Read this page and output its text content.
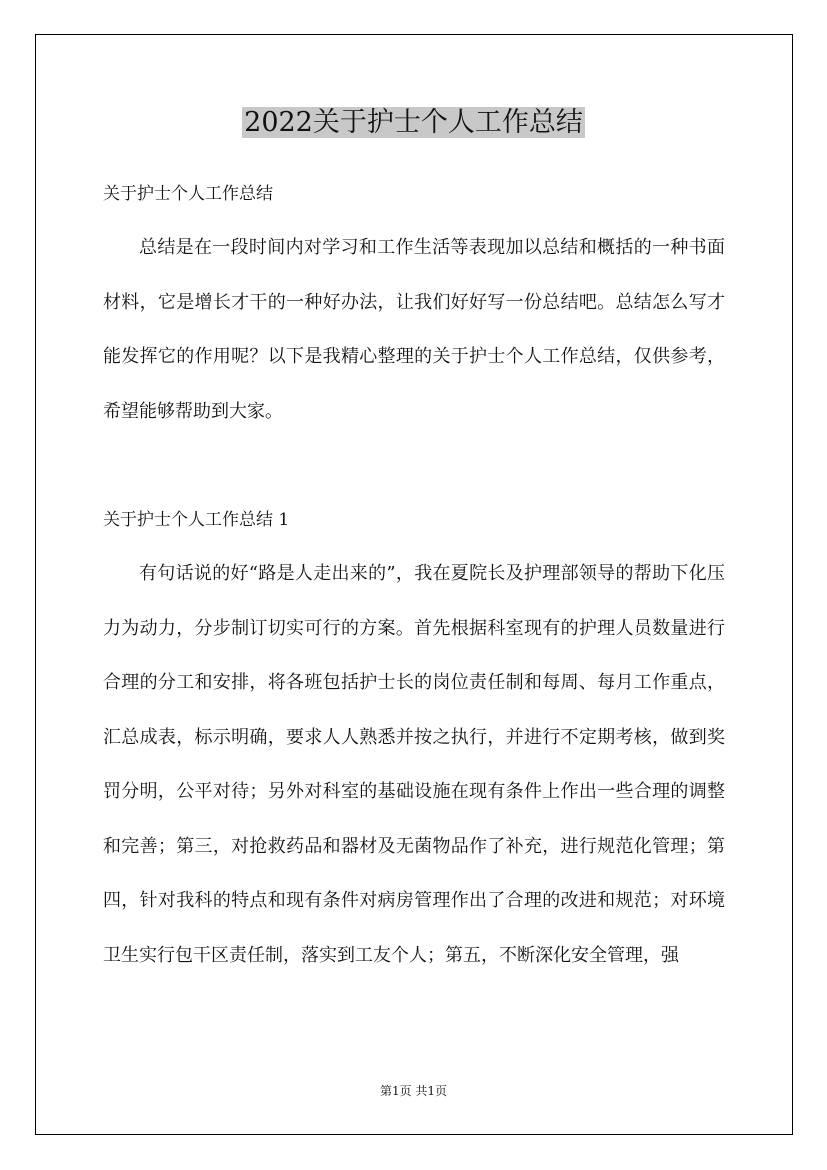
2022关于护士个人工作总结

关于护士个人工作总结

总结是在一段时间内对学习和工作生活等表现加以总结和概括的一种书面材料，它是增长才干的一种好办法，让我们好好写一份总结吧。总结怎么写才能发挥它的作用呢？以下是我精心整理的关于护士个人工作总结，仅供参考，希望能够帮助到大家。

关于护士个人工作总结 1

有句话说的好“路是人走出来的”，我在夏院长及护理部领导的帮助下化压力为动力，分步制订切实可行的方案。首先根据科室现有的护理人员数量进行合理的分工和安排，将各班包括护士长的岗位责任制和每周、每月工作重点，汇总成表，标示明确，要求人人熟悉并按之执行，并进行不定期考核，做到奖罚分明，公平对待；另外对科室的基础设施在现有条件上作出一些合理的调整和完善；第三，对抢救药品和器材及无菌物品作了补充，进行规范化管理；第四，针对我科的特点和现有条件对病房管理作出了合理的改进和规范；对环境卫生实行包干区责任制，落实到工友个人；第五，不断深化安全管理，强

第1页 共1页
